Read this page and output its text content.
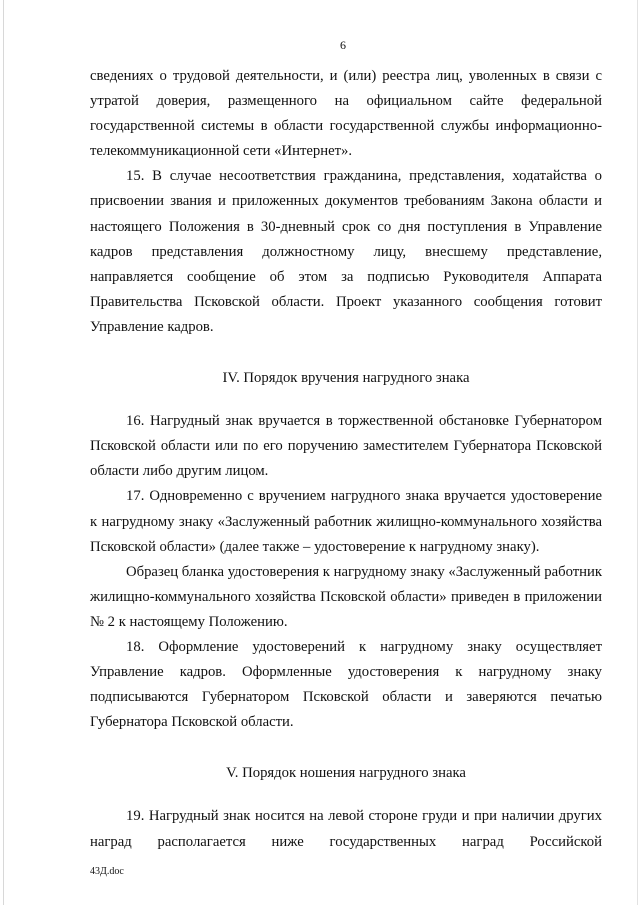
6

сведениях о трудовой деятельности, и (или) реестра лиц, уволенных в связи с утратой доверия, размещенного на официальном сайте федеральной государственной системы в области государственной службы информационно-телекоммуникационной сети «Интернет».

15. В случае несоответствия гражданина, представления, ходатайства о присвоении звания и приложенных документов требованиям Закона области и настоящего Положения в 30-дневный срок со дня поступления в Управление кадров представления должностному лицу, внесшему представление, направляется сообщение об этом за подписью Руководителя Аппарата Правительства Псковской области. Проект указанного сообщения готовит Управление кадров.

IV. Порядок вручения нагрудного знака

16. Нагрудный знак вручается в торжественной обстановке Губернатором Псковской области или по его поручению заместителем Губернатора Псковской области либо другим лицом.

17. Одновременно с вручением нагрудного знака вручается удостоверение к нагрудному знаку «Заслуженный работник жилищно-коммунального хозяйства Псковской области» (далее также – удостоверение к нагрудному знаку).

Образец бланка удостоверения к нагрудному знаку «Заслуженный работник жилищно-коммунального хозяйства Псковской области» приведен в приложении № 2 к настоящему Положению.

18. Оформление удостоверений к нагрудному знаку осуществляет Управление кадров. Оформленные удостоверения к нагрудному знаку подписываются Губернатором Псковской области и заверяются печатью Губернатора Псковской области.

V. Порядок ношения нагрудного знака

19. Нагрудный знак носится на левой стороне груди и при наличии других наград располагается ниже государственных наград Российской

43Д.doc
